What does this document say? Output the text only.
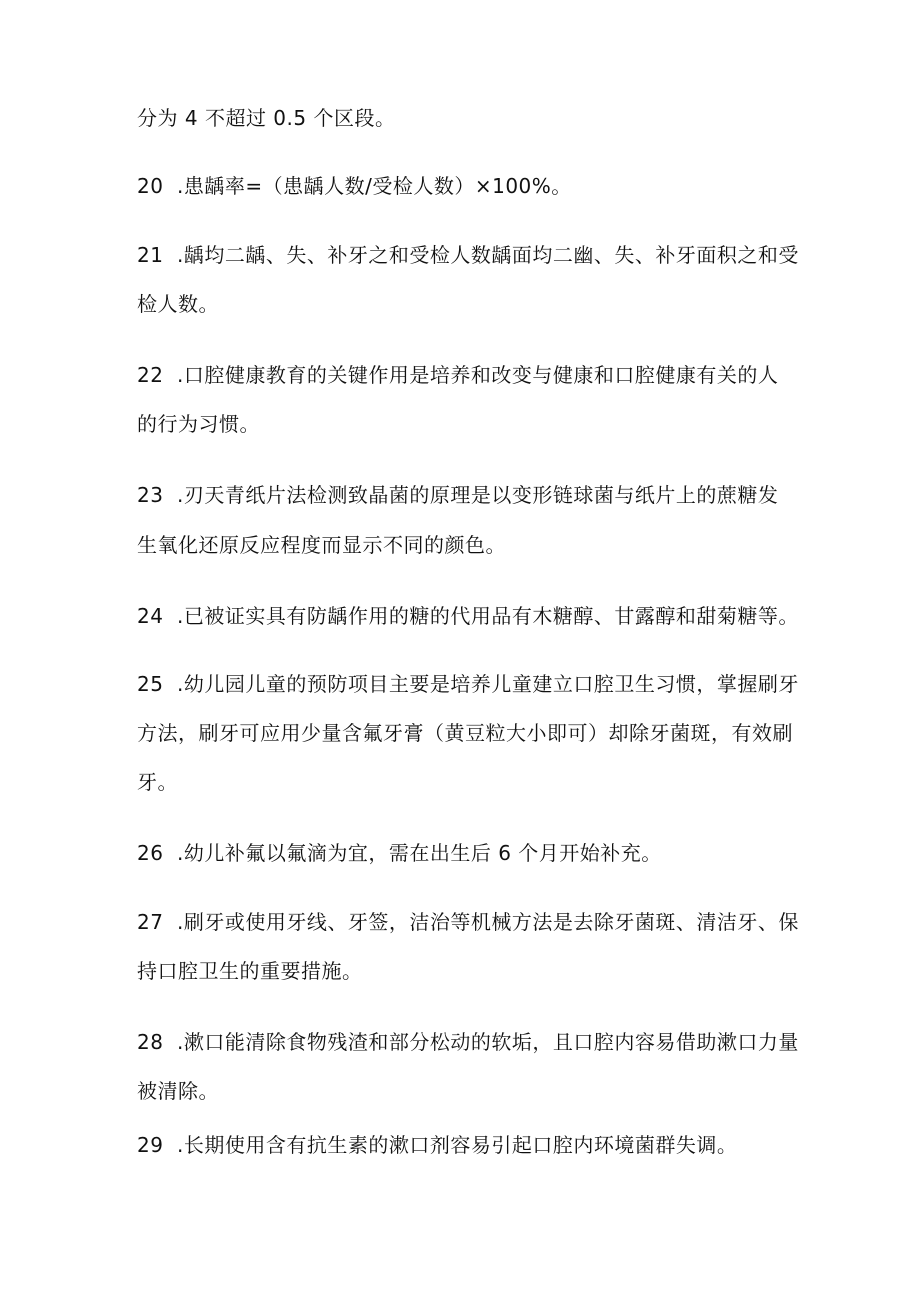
分为 4 不超过 0.5 个区段。
20 .患龋率=（患龋人数/受检人数）×100%。
21 .龋均二龋、失、补牙之和受检人数龋面均二幽、失、补牙面积之和受
检人数。
22 .口腔健康教育的关键作用是培养和改变与健康和口腔健康有关的人
的行为习惯。
23 .刃天青纸片法检测致晶菌的原理是以变形链球菌与纸片上的蔗糖发
生氧化还原反应程度而显示不同的颜色。
24 .已被证实具有防龋作用的糖的代用品有木糖醇、甘露醇和甜菊糖等。
25 .幼儿园儿童的预防项目主要是培养儿童建立口腔卫生习惯，掌握刷牙
方法，刷牙可应用少量含氟牙膏（黄豆粒大小即可）却除牙菌斑，有效刷
牙。
26 .幼儿补氟以氟滴为宜，需在出生后 6 个月开始补充。
27 .刷牙或使用牙线、牙签，洁治等机械方法是去除牙菌斑、清洁牙、保
持口腔卫生的重要措施。
28 .漱口能清除食物残渣和部分松动的软垢，且口腔内容易借助漱口力量
被清除。
29 .长期使用含有抗生素的漱口剂容易引起口腔内环境菌群失调。
